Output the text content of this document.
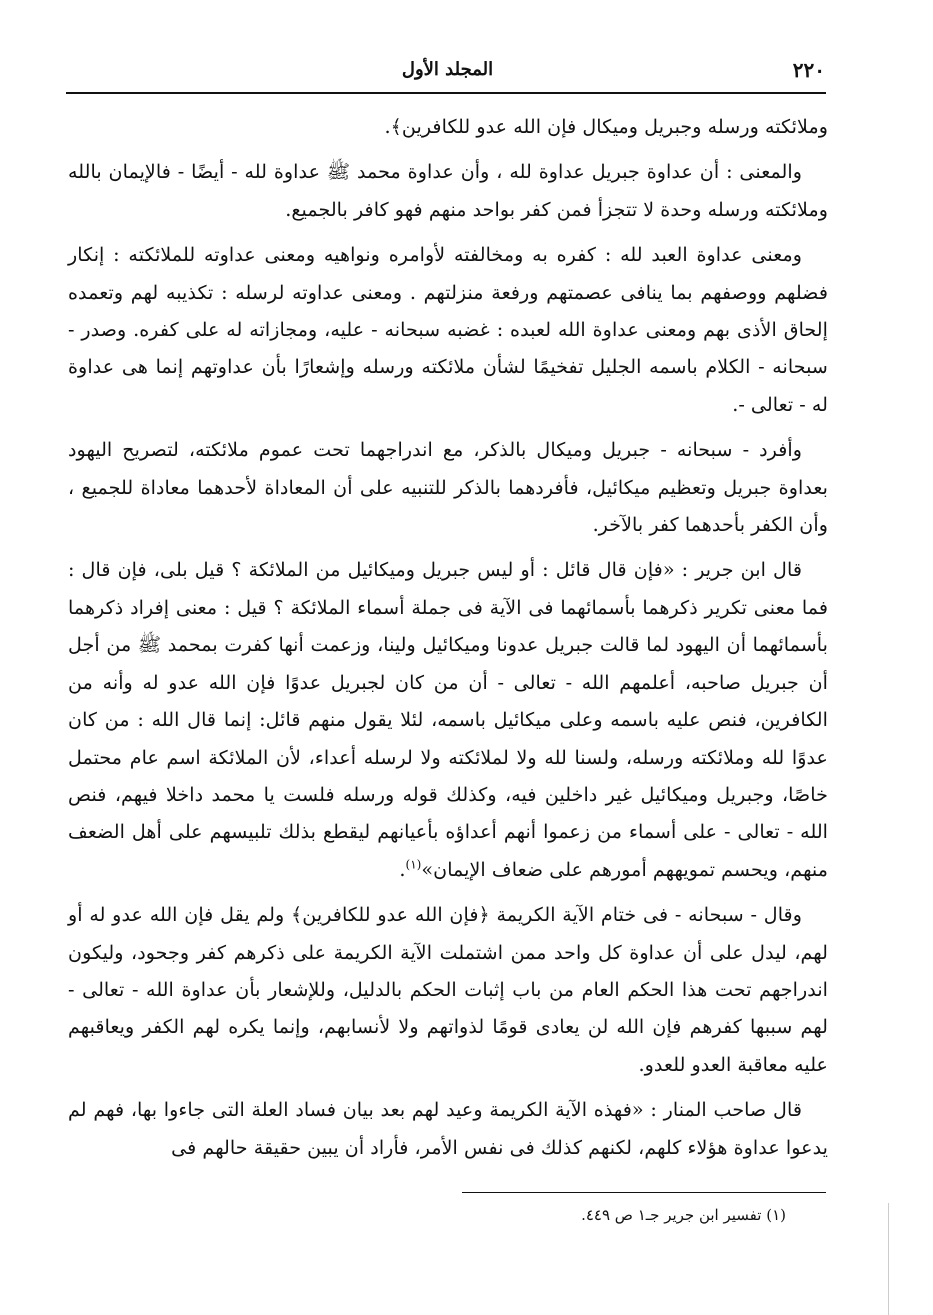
٢٢٠
المجلد الأول

وملائكته ورسله وجبريل وميكال فإن الله عدو للكافرين﴾.

والمعنى : أن عداوة جبريل عداوة لله ، وأن عداوة محمد ﷺ عداوة لله - أيضًا - فالإيمان بالله وملائكته ورسله وحدة لا تتجزأ فمن كفر بواحد منهم فهو كافر بالجميع.

ومعنى عداوة العبد لله : كفره به ومخالفته لأوامره ونواهيه ومعنى عداوته للملائكته : إنكار فضلهم ووصفهم بما ينافى عصمتهم ورفعة منزلتهم . ومعنى عداوته لرسله : تكذيبه لهم وتعمده إلحاق الأذى بهم ومعنى عداوة الله لعبده : غضبه سبحانه - عليه، ومجازاته له على كفره. وصدر - سبحانه - الكلام باسمه الجليل تفخيمًا لشأن ملائكته ورسله وإشعارًا بأن عداوتهم إنما هى عداوة له - تعالى -.

وأفرد - سبحانه - جبريل وميكال بالذكر، مع اندراجهما تحت عموم ملائكته، لتصريح اليهود بعداوة جبريل وتعظيم ميكائيل، فأفردهما بالذكر للتنبيه على أن المعاداة لأحدهما معاداة للجميع ، وأن الكفر بأحدهما كفر بالآخر.

قال ابن جرير : «فإن قال قائل : أو ليس جبريل وميكائيل من الملائكة ؟ قيل بلى، فإن قال : فما معنى تكرير ذكرهما بأسمائهما فى الآية فى جملة أسماء الملائكة ؟ قيل : معنى إفراد ذكرهما بأسمائهما أن اليهود لما قالت جبريل عدونا وميكائيل ولينا، وزعمت أنها كفرت بمحمد ﷺ من أجل أن جبريل صاحبه، أعلمهم الله - تعالى - أن من كان لجبريل عدوًا فإن الله عدو له وأنه من الكافرين، فنص عليه باسمه وعلى ميكائيل باسمه، لئلا يقول منهم قائل: إنما قال الله : من كان عدوًا لله وملائكته ورسله، ولسنا لله ولا لملائكته ولا لرسله أعداء، لأن الملائكة اسم عام محتمل خاصًا، وجبريل وميكائيل غير داخلين فيه، وكذلك قوله ورسله فلست يا محمد داخلا فيهم، فنص الله - تعالى - على أسماء من زعموا أنهم أعداؤه بأعيانهم ليقطع بذلك تلبيسهم على أهل الضعف منهم، ويحسم تمويههم أمورهم على ضعاف الإيمان»$^{(١)}$.

وقال - سبحانه - فى ختام الآية الكريمة ﴿فإن الله عدو للكافرين﴾ ولم يقل فإن الله عدو له أو لهم، ليدل على أن عداوة كل واحد ممن اشتملت الآية الكريمة على ذكرهم كفر وجحود، وليكون اندراجهم تحت هذا الحكم العام من باب إثبات الحكم بالدليل، وللإشعار بأن عداوة الله - تعالى - لهم سببها كفرهم فإن الله لن يعادى قومًا لذواتهم ولا لأنسابهم، وإنما يكره لهم الكفر ويعاقبهم عليه معاقبة العدو للعدو.

قال صاحب المنار : «فهذه الآية الكريمة وعيد لهم بعد بيان فساد العلة التى جاءوا بها، فهم لم يدعوا عداوة هؤلاء كلهم، لكنهم كذلك فى نفس الأمر، فأراد أن يبين حقيقة حالهم فى

(١) تفسير ابن جرير جـ١ ص ٤٤٩.
